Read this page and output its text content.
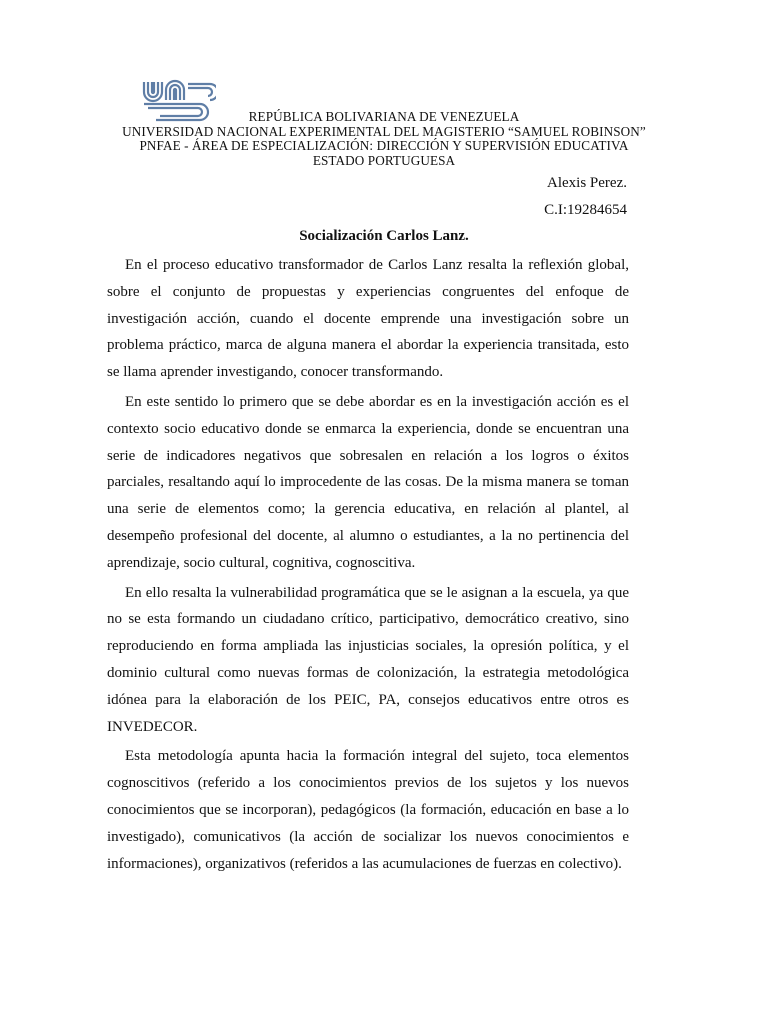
REPÚBLICA BOLIVARIANA DE VENEZUELA
UNIVERSIDAD NACIONAL EXPERIMENTAL DEL MAGISTERIO “SAMUEL ROBINSON”
PNFAE - ÁREA DE ESPECIALIZACIÓN: DIRECCIÓN Y SUPERVISIÓN EDUCATIVA
ESTADO PORTUGUESA
Alexis Perez.
C.I:19284654
Socialización Carlos Lanz.

En el proceso educativo transformador de Carlos Lanz resalta la reflexión global, sobre el conjunto de propuestas y experiencias congruentes del enfoque de investigación acción, cuando el docente emprende una investigación sobre un problema práctico, marca de alguna manera el abordar la experiencia transitada, esto se llama aprender investigando, conocer transformando.

En este sentido lo primero que se debe abordar es en la investigación acción es el contexto socio educativo donde se enmarca la experiencia, donde se encuentran una serie de indicadores negativos que sobresalen en relación a los logros o éxitos parciales, resaltando aquí lo improcedente de las cosas. De la misma manera se toman una serie de elementos como; la gerencia educativa, en relación al plantel, al desempeño profesional del docente, al alumno o estudiantes, a la no pertinencia del aprendizaje, socio cultural, cognitiva, cognoscitiva.

En ello resalta la vulnerabilidad programática que se le asignan a la escuela, ya que no se esta formando un ciudadano crítico, participativo, democrático creativo, sino reproduciendo en forma ampliada las injusticias sociales, la opresión política, y el dominio cultural como nuevas formas de colonización, la estrategia metodológica idónea para la elaboración de los PEIC, PA, consejos educativos entre otros es INVEDECOR.

Esta metodología apunta hacia la formación integral del sujeto, toca elementos cognoscitivos (referido a los conocimientos previos de los sujetos y los nuevos conocimientos que se incorporan), pedagógicos (la formación, educación en base a lo investigado), comunicativos (la acción de socializar los nuevos conocimientos e informaciones), organizativos (referidos a las acumulaciones de fuerzas en colectivo).
